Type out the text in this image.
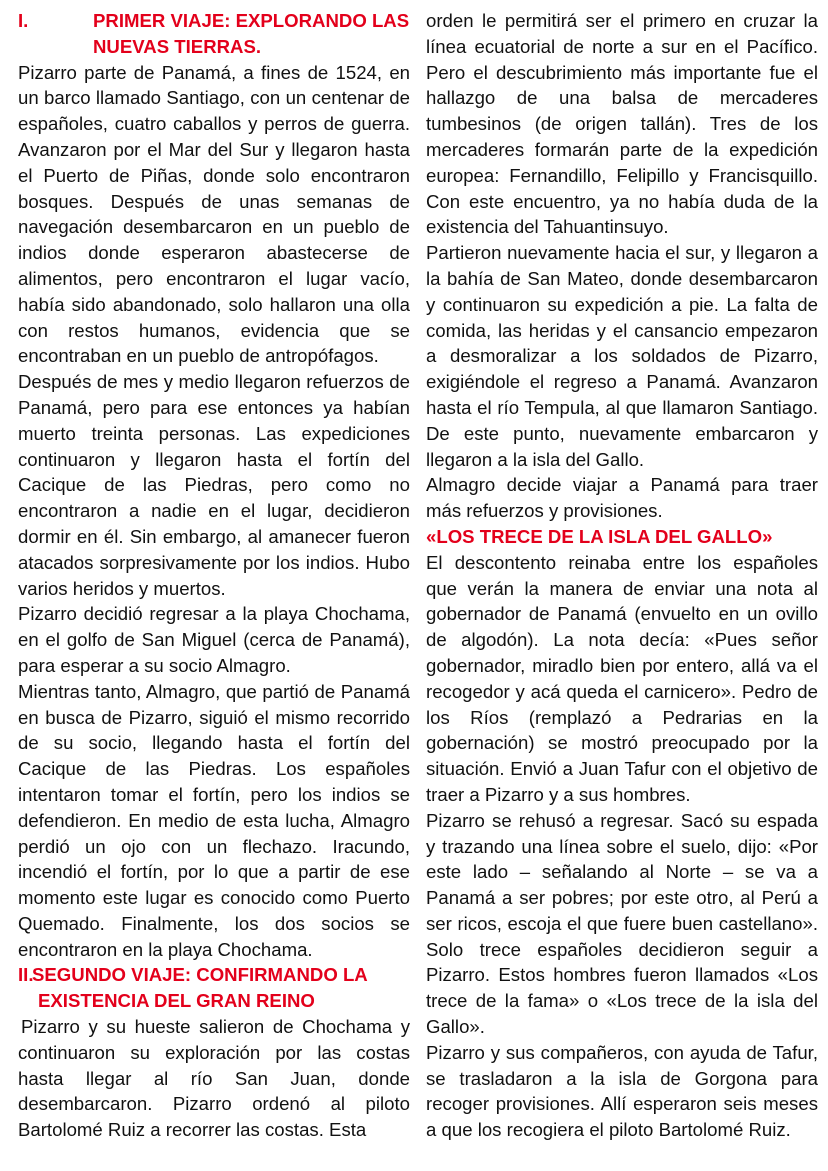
I.	PRIMER VIAJE: EXPLORANDO LAS
NUEVAS TIERRAS.

Pizarro parte de Panamá, a fines de 1524, en un barco llamado Santiago, con un centenar de españoles, cuatro caballos y perros de guerra. Avanzaron por el Mar del Sur y llegaron hasta el Puerto de Piñas, donde solo encontraron bosques. Después de unas semanas de navegación desembarcaron en un pueblo de indios donde esperaron abastecerse de alimentos, pero encontraron el lugar vacío, había sido abandonado, solo hallaron una olla con restos humanos, evidencia que se encontraban en un pueblo de antropófagos.

Después de mes y medio llegaron refuerzos de Panamá, pero para ese entonces ya habían muerto treinta personas. Las expediciones continuaron y llegaron hasta el fortín del Cacique de las Piedras, pero como no encontraron a nadie en el lugar, decidieron dormir en él. Sin embargo, al amanecer fueron atacados sorpresivamente por los indios. Hubo varios heridos y muertos.

Pizarro decidió regresar a la playa Chochama, en el golfo de San Miguel (cerca de Panamá), para esperar a su socio Almagro.

Mientras tanto, Almagro, que partió de Panamá en busca de Pizarro, siguió el mismo recorrido de su socio, llegando hasta el fortín del Cacique de las Piedras. Los españoles intentaron tomar el fortín, pero los indios se defendieron. En medio de esta lucha, Almagro perdió un ojo con un flechazo. Iracundo, incendió el fortín, por lo que a partir de ese momento este lugar es conocido como Puerto Quemado. Finalmente, los dos socios se encontraron en la playa Chochama.

II.SEGUNDO VIAJE: CONFIRMANDO LA
EXISTENCIA DEL GRAN REINO

Pizarro y su hueste salieron de Chochama y continuaron su exploración por las costas hasta llegar al río San Juan, donde desembarcaron. Pizarro ordenó al piloto Bartolomé Ruiz a recorrer las costas. Esta

orden le permitirá ser el primero en cruzar la línea ecuatorial de norte a sur en el Pacífico. Pero el descubrimiento más importante fue el hallazgo de una balsa de mercaderes tumbesinos (de origen tallán). Tres de los mercaderes formarán parte de la expedición europea: Fernandillo, Felipillo y Francisquillo. Con este encuentro, ya no había duda de la existencia del Tahuantinsuyo.

Partieron nuevamente hacia el sur, y llegaron a la bahía de San Mateo, donde desembarcaron y continuaron su expedición a pie. La falta de comida, las heridas y el cansancio empezaron a desmoralizar a los soldados de Pizarro, exigiéndole el regreso a Panamá. Avanzaron hasta el río Tempula, al que llamaron Santiago. De este punto, nuevamente embarcaron y llegaron a la isla del Gallo.

Almagro decide viajar a Panamá para traer más refuerzos y provisiones.

«LOS TRECE DE LA ISLA DEL GALLO»

El descontento reinaba entre los españoles que verán la manera de enviar una nota al gobernador de Panamá (envuelto en un ovillo de algodón). La nota decía: «Pues señor gobernador, miradlo bien por entero, allá va el recogedor y acá queda el carnicero». Pedro de los Ríos (remplazó a Pedrarias en la gobernación) se mostró preocupado por la situación. Envió a Juan Tafur con el objetivo de traer a Pizarro y a sus hombres.

Pizarro se rehusó a regresar. Sacó su espada y trazando una línea sobre el suelo, dijo: «Por este lado – señalando al Norte – se va a Panamá a ser pobres; por este otro, al Perú a ser ricos, escoja el que fuere buen castellano». Solo trece españoles decidieron seguir a Pizarro. Estos hombres fueron llamados «Los trece de la fama» o «Los trece de la isla del Gallo».

Pizarro y sus compañeros, con ayuda de Tafur, se trasladaron a la isla de Gorgona para recoger provisiones. Allí esperaron seis meses a que los recogiera el piloto Bartolomé Ruiz.
